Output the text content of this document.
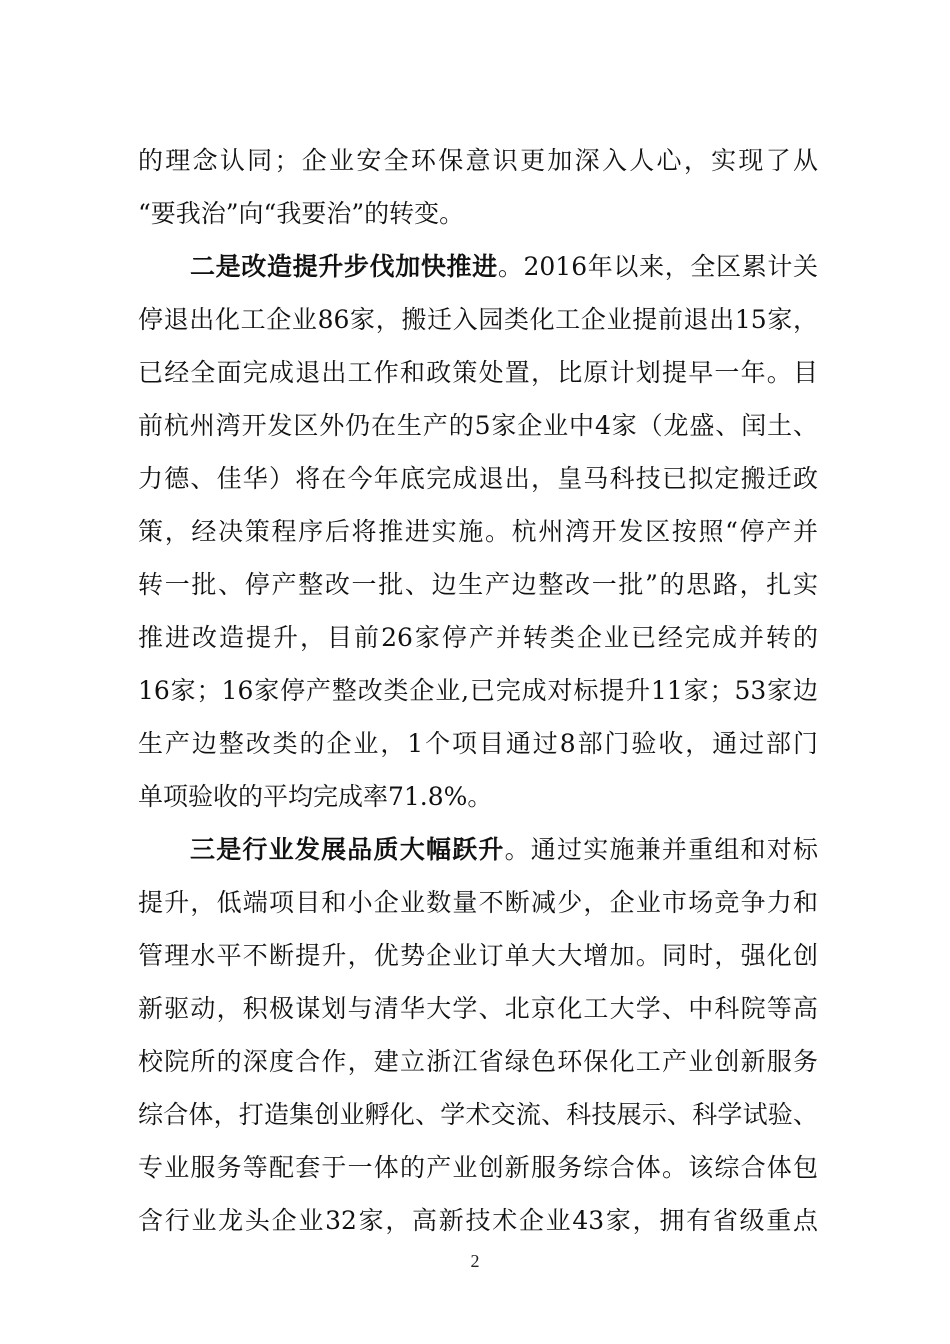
的理念认同；企业安全环保意识更加深入人心，实现了从
“要我治”向“我要治”的转变。
二是改造提升步伐加快推进。2016年以来，全区累计关
停退出化工企业86家，搬迁入园类化工企业提前退出15家，
已经全面完成退出工作和政策处置，比原计划提早一年。目
前杭州湾开发区外仍在生产的5家企业中4家（龙盛、闰土、
力德、佳华）将在今年底完成退出，皇马科技已拟定搬迁政
策，经决策程序后将推进实施。杭州湾开发区按照“停产并
转一批、停产整改一批、边生产边整改一批”的思路，扎实
推进改造提升，目前26家停产并转类企业已经完成并转的
16家；16家停产整改类企业,已完成对标提升11家；53家边
生产边整改类的企业，1个项目通过8部门验收，通过部门
单项验收的平均完成率71.8%。
三是行业发展品质大幅跃升。通过实施兼并重组和对标
提升，低端项目和小企业数量不断减少，企业市场竞争力和
管理水平不断提升，优势企业订单大大增加。同时，强化创
新驱动，积极谋划与清华大学、北京化工大学、中科院等高
校院所的深度合作，建立浙江省绿色环保化工产业创新服务
综合体，打造集创业孵化、学术交流、科技展示、科学试验、
专业服务等配套于一体的产业创新服务综合体。该综合体包
含行业龙头企业32家，高新技术企业43家，拥有省级重点
2
